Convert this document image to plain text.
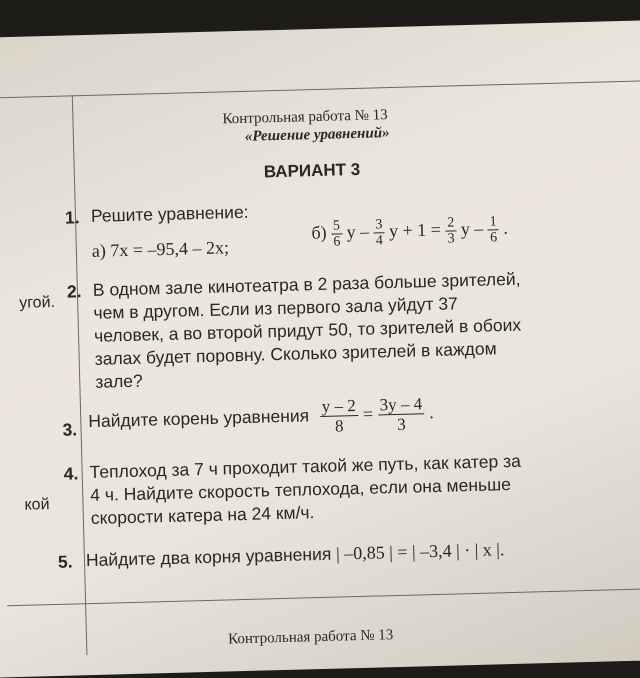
Контрольная работа № 13
«Решение уравнений»
ВАРИАНТ 3
1. Решите уравнение:
а) 7x = –95,4 – 2x;
$б) \frac{5}{6}$ y – $\frac{3}{4}$ $y + 1 = \frac{2}{3}$ y – $\frac{1}{6}$ .
угой.
2. В одном зале кинотеатра в 2 раза больше зрителей,
чем в другом. Если из первого зала уйдут 37
человек, а во второй придут 50, то зрителей в обоих
залах будет поровну. Сколько зрителей в каждом
зале?
3. Найдите корень уравнения $\frac{y - 2}{8} = \frac{3y - 4}{3}$ .
кой
4. Теплоход за 7 ч проходит такой же путь, как катер за
4 ч. Найдите скорость теплохода, если она меньше
скорости катера на 24 км/ч.
5. Найдите два корня уравнения | –0,85 | = | –3,4 | · | x |.
Контрольная работа № 13
